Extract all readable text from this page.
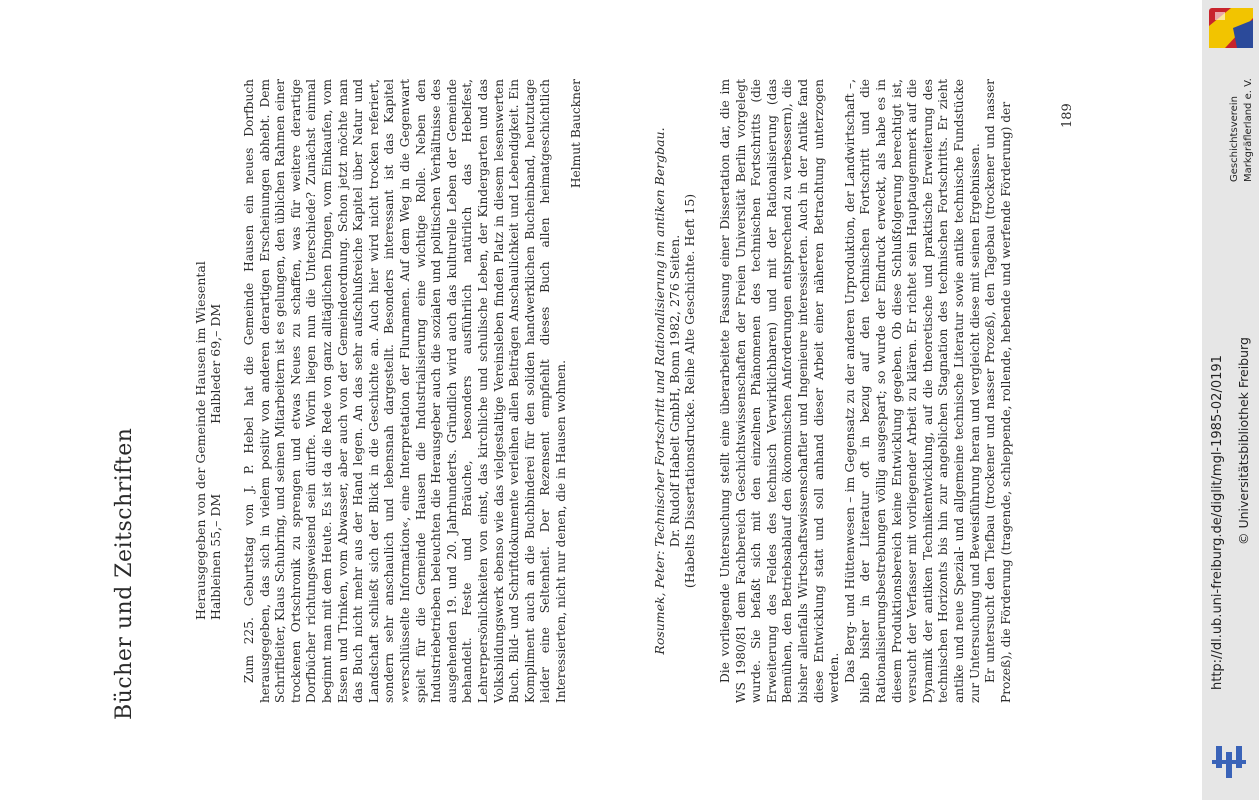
Bücher und Zeitschriften	Herausgegeben von der Gemeinde Hausen im Wiesental Halbleinen 55,– DM
Halbleder 69,– DM Zum 225. Geburtstag von J. P. Hebel hat die Gemeinde Hausen ein neues Dorfbuch herausgegeben, das sich in vielem positiv von anderen derartigen Erscheinungen abhebt. Dem Schriftleiter, Klaus Schubring, und seinen Mitarbeitern ist es gelungen, den üblichen Rahmen einer trockenen Ortschronik zu sprengen und etwas Neues zu schaffen, was für weitere derartige Dorfbücher richtungsweisend sein dürfte. Worin liegen nun die Unterschiede? Zunächst einmal beginnt man mit dem Heute. Es ist da die Rede von ganz alltäglichen Dingen, vom Einkaufen, vom Essen und Trinken, vom Abwasser, aber auch von der Gemeindeordnung. Schon jetzt möchte man das Buch nicht mehr aus der Hand legen. An das sehr aufschlußreiche Kapitel über Natur und Landschaft schließt sich der Blick in die Geschichte an. Auch hier wird nicht trocken referiert, sondern sehr anschaulich und lebensnah dargestellt. Besonders interessant ist das Kapitel »verschlüsselte Information«, eine Interpretation der Flurnamen. Auf dem Weg in die Gegenwart spielt für die Gemeinde Hausen die Industrialisierung eine wichtige Rolle. Neben den Industriebetrieben beleuchten die Herausgeber auch die sozialen und politischen Verhältnisse des ausgehenden 19. und 20. Jahrhunderts. Gründlich wird auch das kulturelle Leben der Gemeinde behandelt. Feste und Bräuche, besonders ausführlich natürlich das Hebelfest, Lehrerpersönlichkeiten von einst, das kirchliche und schulische Leben, der Kindergarten und das Volksbildungswerk ebenso wie das vielgestaltige Vereinsleben finden Platz in diesem lesenswerten Buch. Bild- und Schriftdokumente verleihen allen Beiträgen Anschaulichkeit und Lebendigkeit. Ein Kompliment auch an die Buchbinderei für den soliden handwerklichen Bucheinband, heutzutage leider eine Seltenheit. Der Rezensent empfiehlt dieses Buch allen heimatgeschichtlich Interessierten, nicht nur denen, die in Hausen wohnen.

Helmut Bauckner	Rosumek, Peter: Technischer Fortschritt und Rationalisierung im antiken Bergbau. Dr. Rudolf Habelt GmbH, Bonn 1982, 276 Seiten. (Habelts Dissertationsdrucke. Reihe Alte Geschichte. Heft 15) Die vorliegende Untersuchung stellt eine überarbeitete Fassung einer Dissertation dar, die im WS 1980/81 dem Fachbereich Geschichtswissenschaften der Freien Universität Berlin vorgelegt wurde. Sie befaßt sich mit den einzelnen Phänomenen des technischen Fortschritts (die Erweiterung des Feldes des technisch Verwirklichbaren) und mit der Rationalisierung (das Bemühen, den Betriebsablauf den ökonomischen Anforderungen entsprechend zu verbessern), die bisher allenfalls Wirtschaftswissenschaftler und Ingenieure interessierten. Auch in der Antike fand diese Entwicklung statt und soll anhand dieser Arbeit einer näheren Betrachtung unterzogen werden. Das Berg- und Hüttenwesen – im Gegensatz zu der anderen Urproduktion, der Landwirtschaft –, blieb bisher in der Literatur oft in bezug auf den technischen Fortschritt und die Rationalisierungsbestrebungen völlig ausgespart; so wurde der Eindruck erweckt, als habe es in diesem Produktionsbereich keine Entwicklung gegeben. Ob diese Schlußfolgerung berechtigt ist, versucht der Verfasser mit vorliegender Arbeit zu klären. Er richtet sein Hauptaugenmerk auf die Dynamik der antiken Technikentwicklung, auf die theoretische und praktische Erweiterung des technischen Horizonts bis hin zur angeblichen Stagnation des technischen Fortschritts. Er zieht antike und neue Spezial- und allgemeine technische Literatur sowie antike technische Fundstücke zur Untersuchung und Beweisführung heran und vergleicht diese mit seinen Ergebnissen. Er untersucht den Tiefbau (trockener und nasser Prozeß), den Tagebau (trockener und nasser Prozeß), die Förderung (tragende, schleppende, rollende, hebende und werfende Förderung) der	189	Geschichtsverein Markgräflerland e. V.
http://dl.ub.uni-freiburg.de/diglit/mgl-1985-02/0191 © Universitätsbibliothek Freiburg
